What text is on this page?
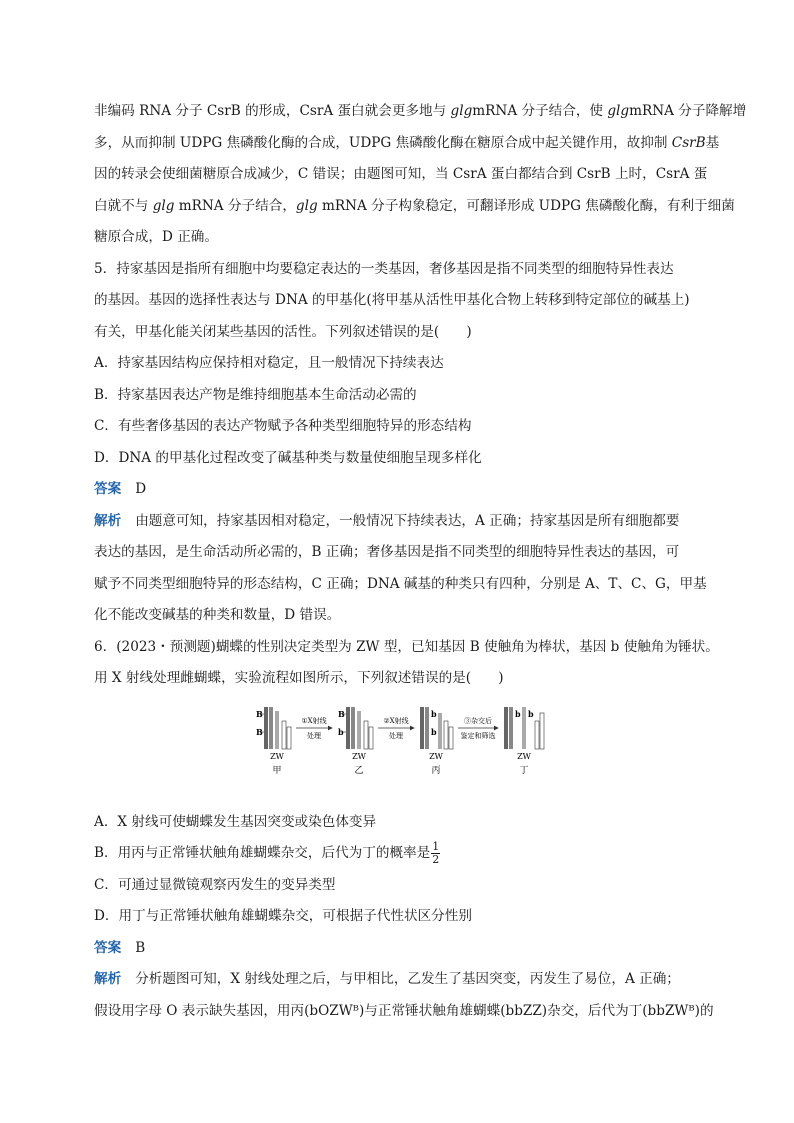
非编码 RNA 分子 CsrB 的形成，CsrA 蛋白就会更多地与 glgmRNA 分子结合，使 glgmRNA 分子降解增
多，从而抑制 UDPG 焦磷酸化酶的合成，UDPG 焦磷酸化酶在糖原合成中起关键作用，故抑制 CsrB基
因的转录会使细菌糖原合成减少，C 错误；由题图可知，当 CsrA 蛋白都结合到 CsrB 上时，CsrA 蛋
白就不与 glg mRNA 分子结合，glg mRNA 分子构象稳定，可翻译形成 UDPG 焦磷酸化酶，有利于细菌
糖原合成，D 正确。
5．持家基因是指所有细胞中均要稳定表达的一类基因，奢侈基因是指不同类型的细胞特异性表达
的基因。基因的选择性表达与 DNA 的甲基化(将甲基从活性甲基化合物上转移到特定部位的碱基上)
有关，甲基化能关闭某些基因的活性。下列叙述错误的是(　　)
A．持家基因结构应保持相对稳定，且一般情况下持续表达
B．持家基因表达产物是维持细胞基本生命活动必需的
C．有些奢侈基因的表达产物赋予各种类型细胞特异的形态结构
D．DNA 的甲基化过程改变了碱基种类与数量使细胞呈现多样化
答案 D
解析 由题意可知，持家基因相对稳定，一般情况下持续表达，A 正确；持家基因是所有细胞都要
表达的基因，是生命活动所必需的，B 正确；奢侈基因是指不同类型的细胞特异性表达的基因，可
赋予不同类型细胞特异的形态结构，C 正确；DNA 碱基的种类只有四种，分别是 A、T、C、G，甲基
化不能改变碱基的种类和数量，D 错误。
6．(2023・预测题)蝴蝶的性别决定类型为 ZW 型，已知基因 B 使触角为棒状，基因 b 使触角为锤状。
用 X 射线处理雌蝴蝶，实验流程如图所示，下列叙述错误的是(　　)
B
B
ZW
甲
①X射线
处理
B
b
ZW
乙
②X射线
处理
b
b
ZW
丙
③杂交后
鉴定和筛选
b b
ZW
丁
A．X 射线可使蝴蝶发生基因突变或染色体变异
B．用丙与正常锤状触角雄蝴蝶杂交，后代为丁的概率是 $\frac{1}{2}$
C．可通过显微镜观察丙发生的变异类型
D．用丁与正常锤状触角雄蝴蝶杂交，可根据子代性状区分性别
答案 B
解析 分析题图可知，X 射线处理之后，与甲相比，乙发生了基因突变，丙发生了易位，A 正确；
假设用字母 O 表示缺失基因，用丙(bOZWᴮ)与正常锤状触角雄蝴蝶(bbZZ)杂交，后代为丁(bbZWᴮ)的
